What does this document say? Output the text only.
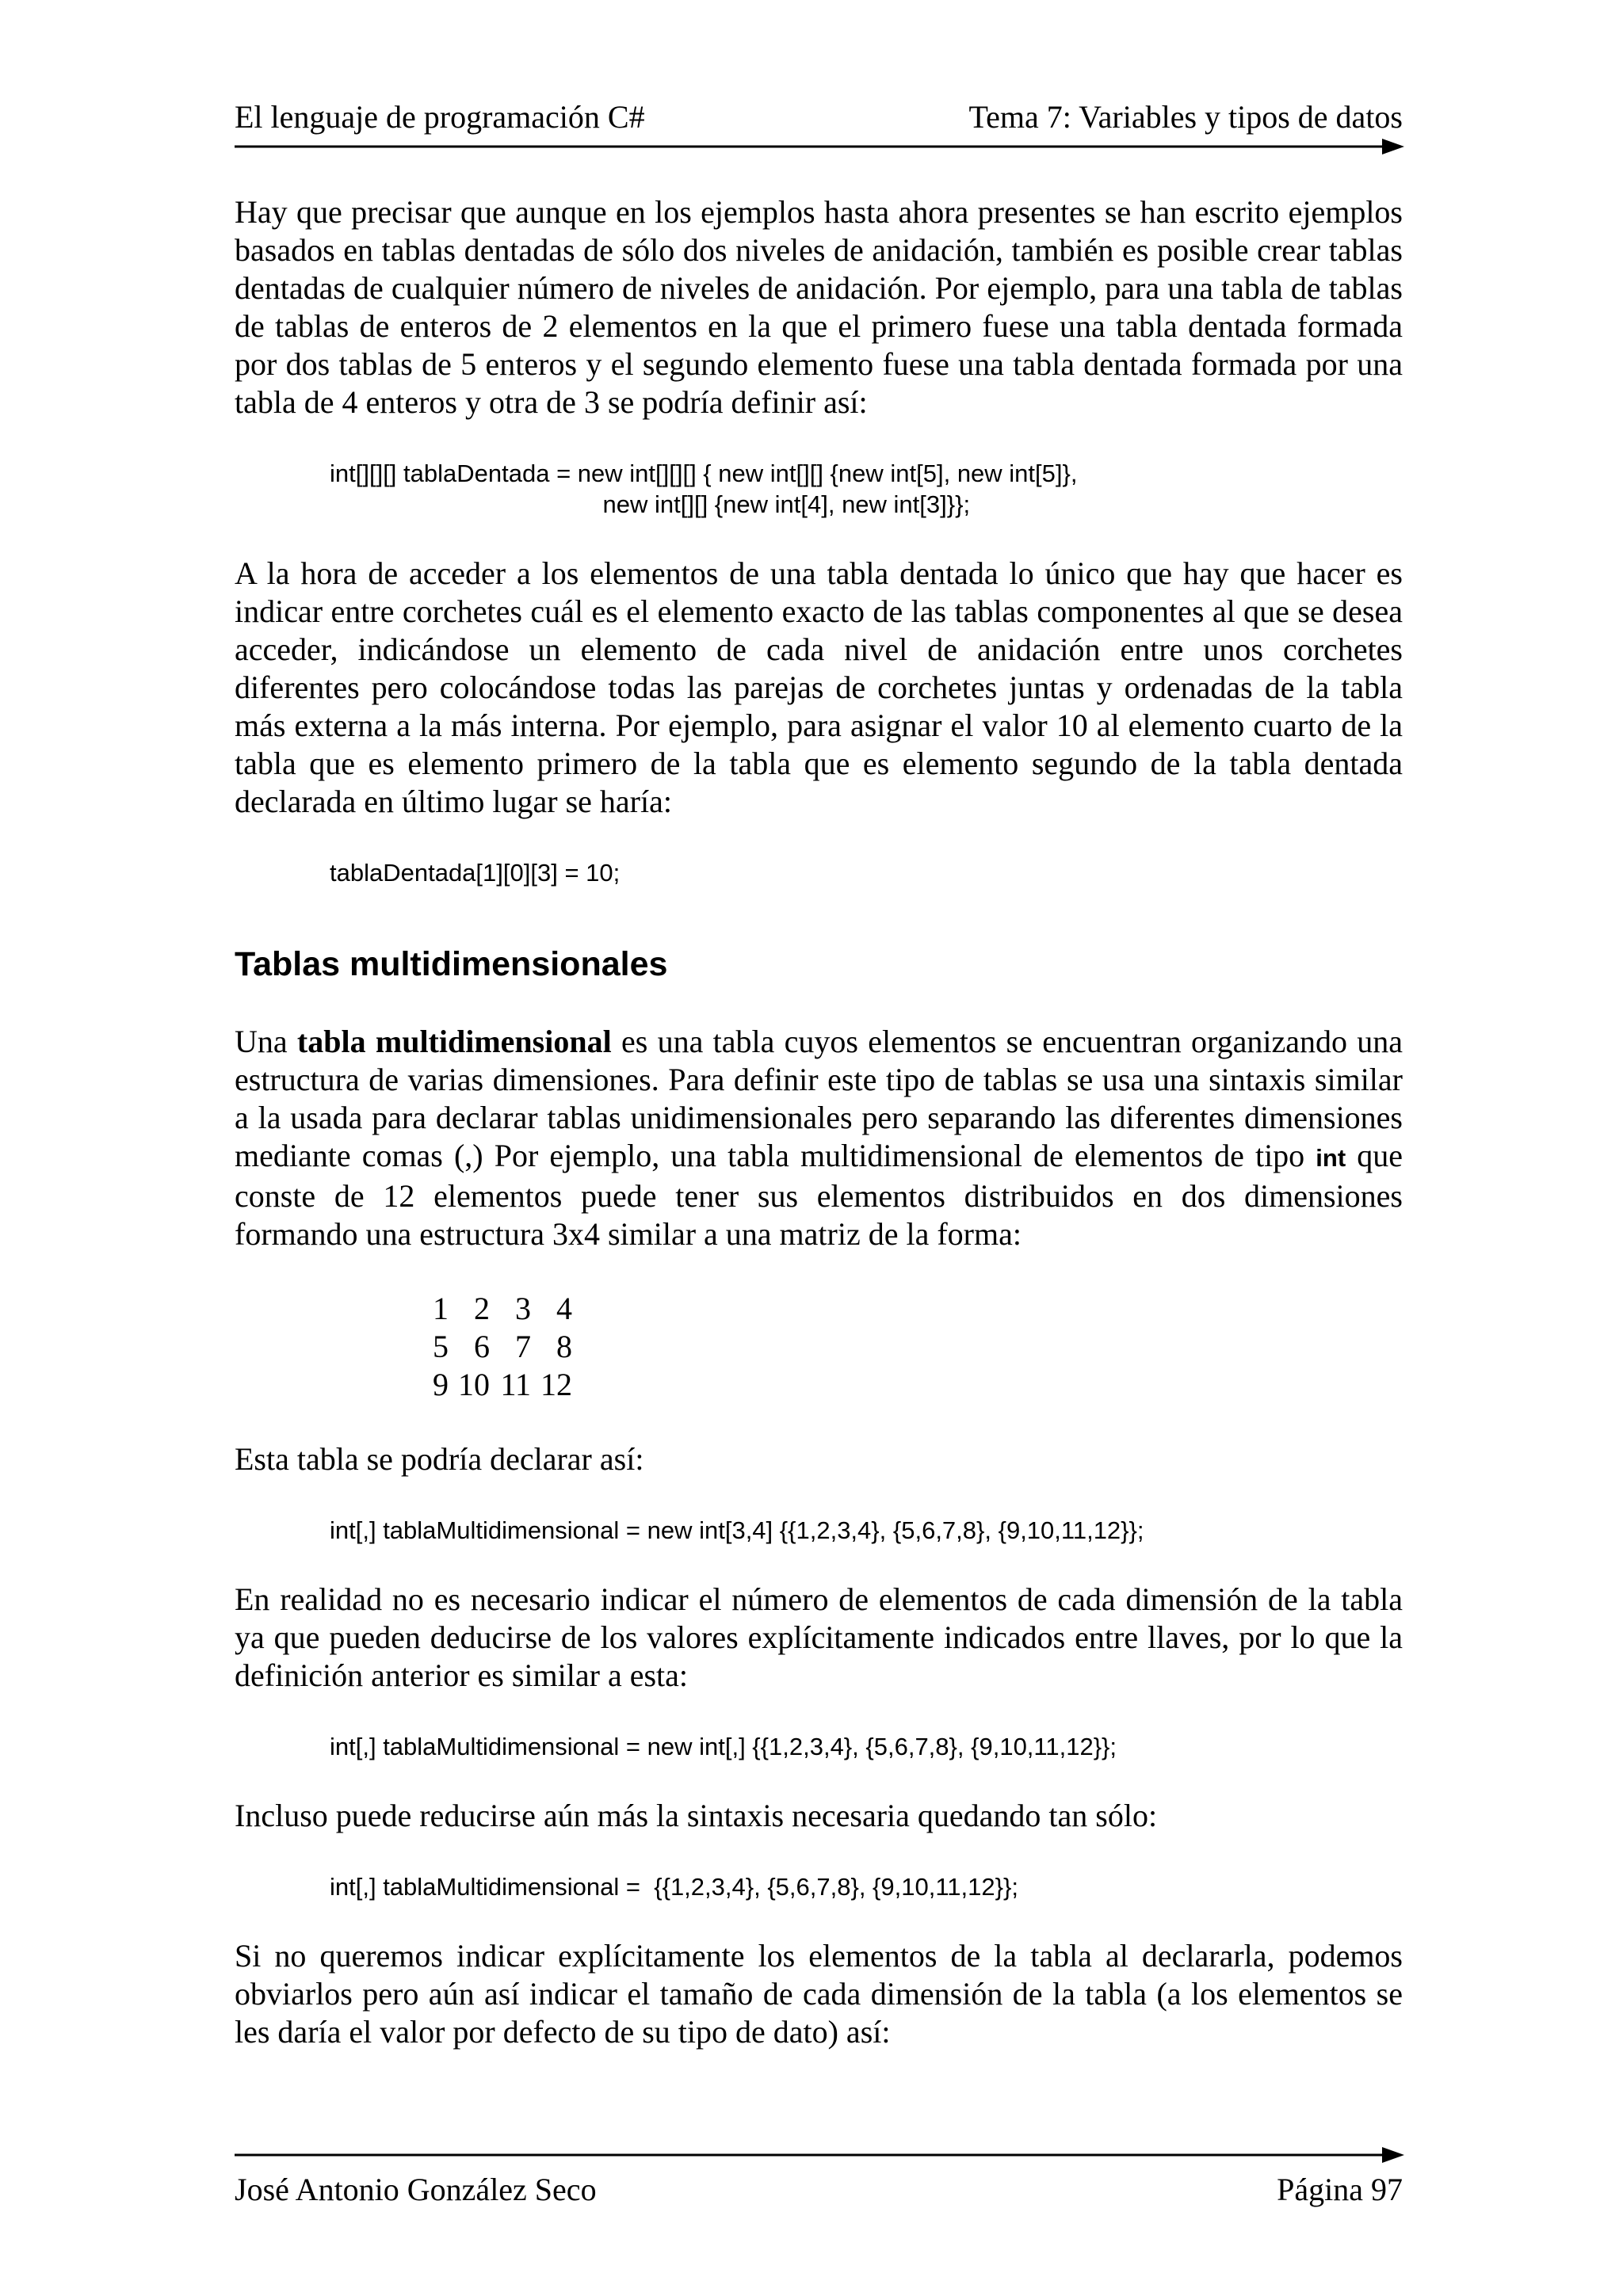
El lenguaje de programación C#	Tema 7: Variables y tipos de datos

Hay que precisar que aunque en los ejemplos hasta ahora presentes se han escrito ejemplos basados en tablas dentadas de sólo dos niveles de anidación, también es posible crear tablas dentadas de cualquier número de niveles de anidación. Por ejemplo, para una tabla de tablas de tablas de enteros de 2 elementos en la que el primero fuese una tabla dentada formada por dos tablas de 5 enteros y el segundo elemento fuese una tabla dentada formada por una tabla de 4 enteros y otra de 3 se podría definir así:

int[][][] tablaDentada = new int[][][] { new int[][] {new int[5], new int[5]},
new int[][] {new int[4], new int[3]}};

A la hora de acceder a los elementos de una tabla dentada lo único que hay que hacer es indicar entre corchetes cuál es el elemento exacto de las tablas componentes al que se desea acceder, indicándose un elemento de cada nivel de anidación entre unos corchetes diferentes pero colocándose todas las parejas de corchetes juntas y ordenadas de la tabla más externa a la más interna. Por ejemplo, para asignar el valor 10 al elemento cuarto de la tabla que es elemento primero de la tabla que es elemento segundo de la tabla dentada declarada en último lugar se haría:

tablaDentada[1][0][3] = 10;
Tablas multidimensionales

Una tabla multidimensional es una tabla cuyos elementos se encuentran organizando una estructura de varias dimensiones. Para definir este tipo de tablas se usa una sintaxis similar a la usada para declarar tablas unidimensionales pero separando las diferentes dimensiones mediante comas (,) Por ejemplo, una tabla multidimensional de elementos de tipo int que conste de 12 elementos puede tener sus elementos distribuidos en dos dimensiones formando una estructura 3x4 similar a una matriz de la forma:

1	2	3	4
5	6	7	8
9	10	11	12

Esta tabla se podría declarar así:

int[,] tablaMultidimensional = new int[3,4] {{1,2,3,4}, {5,6,7,8}, {9,10,11,12}};

En realidad no es necesario indicar el número de elementos de cada dimensión de la tabla ya que pueden deducirse de los valores explícitamente indicados entre llaves, por lo que la definición anterior es similar a esta:

int[,] tablaMultidimensional = new int[,] {{1,2,3,4}, {5,6,7,8}, {9,10,11,12}};

Incluso puede reducirse aún más la sintaxis necesaria quedando tan sólo:

int[,] tablaMultidimensional =  {{1,2,3,4}, {5,6,7,8}, {9,10,11,12}};

Si no queremos indicar explícitamente los elementos de la tabla al declararla, podemos obviarlos pero aún así indicar el tamaño de cada dimensión de la tabla (a los elementos se les daría el valor por defecto de su tipo de dato) así:

José Antonio González Seco	Página 97
